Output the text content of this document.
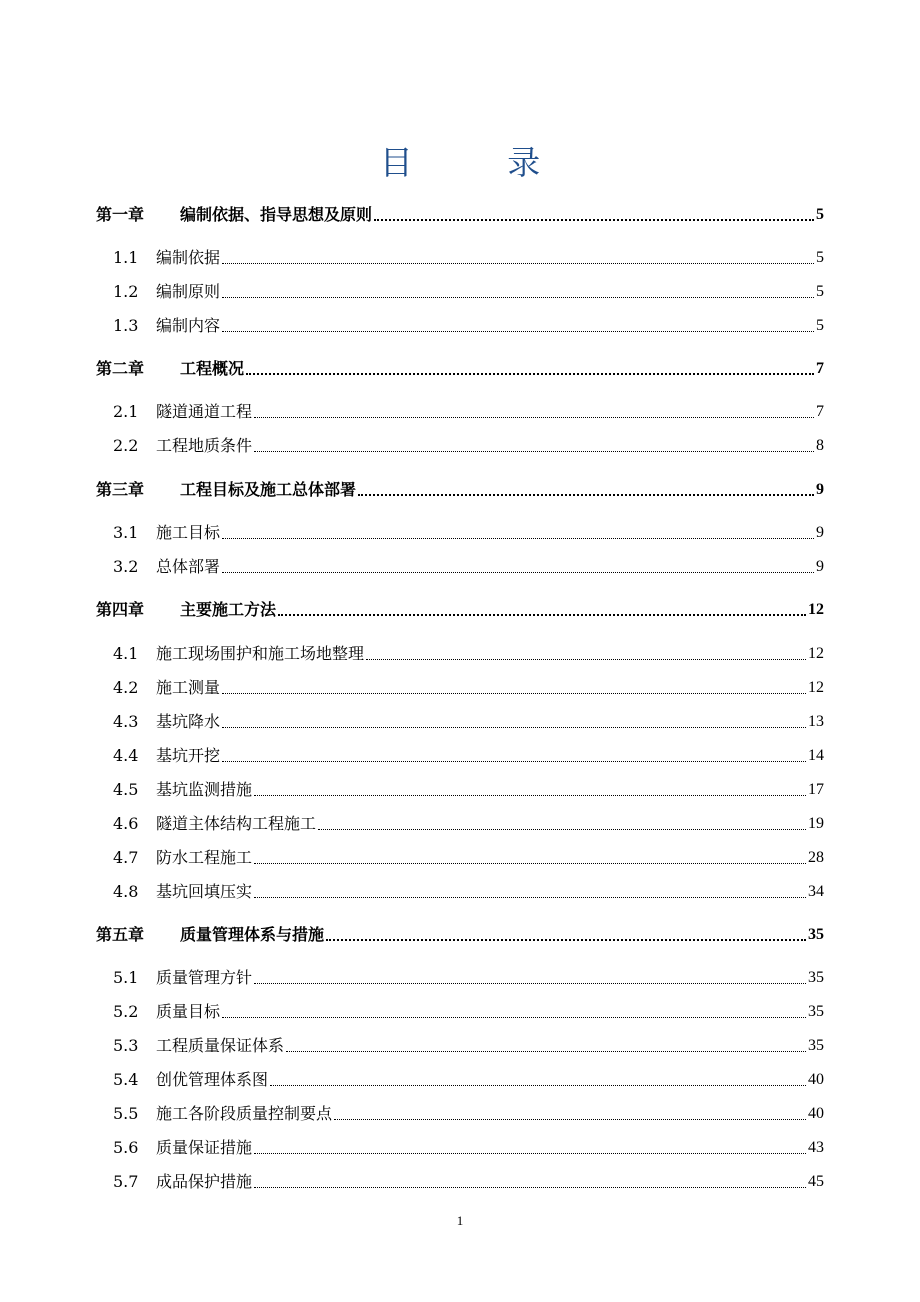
目 录
第一章	编制依据、指导思想及原则	5
1.1	编制依据	5
1.2	编制原则	5
1.3	编制内容	5
第二章	工程概况	7
2.1	隧道通道工程	7
2.2	工程地质条件	8
第三章	工程目标及施工总体部署	9
3.1	施工目标	9
3.2	总体部署	9
第四章	主要施工方法	12
4.1	施工现场围护和施工场地整理	12
4.2	施工测量	12
4.3	基坑降水	13
4.4	基坑开挖	14
4.5	基坑监测措施	17
4.6	隧道主体结构工程施工	19
4.7	防水工程施工	28
4.8	基坑回填压实	34
第五章	质量管理体系与措施	35
5.1	质量管理方针	35
5.2	质量目标	35
5.3	工程质量保证体系	35
5.4	创优管理体系图	40
5.5	施工各阶段质量控制要点	40
5.6	质量保证措施	43
5.7	成品保护措施	45
1
